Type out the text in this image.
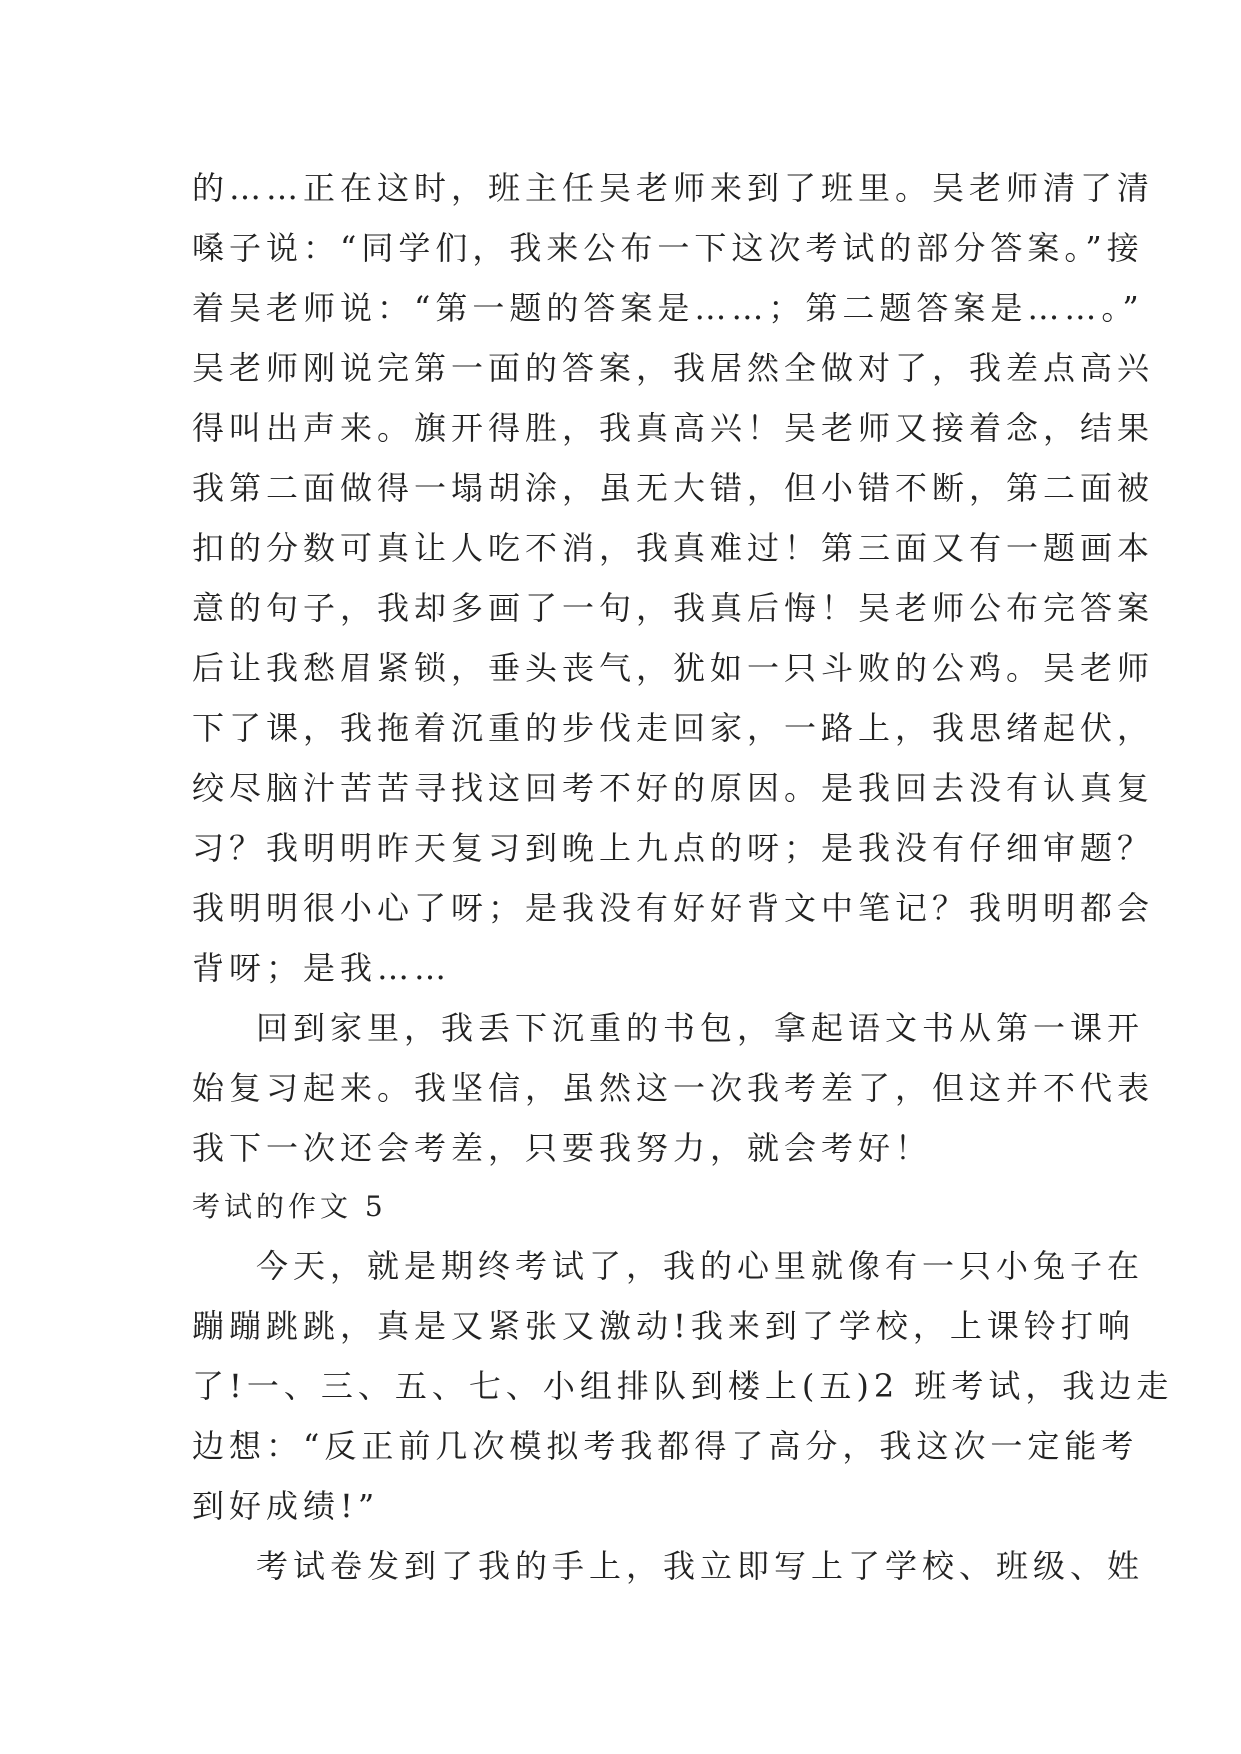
的……正在这时，班主任吴老师来到了班里。吴老师清了清
嗓子说：“同学们，我来公布一下这次考试的部分答案。”接
着吴老师说：“第一题的答案是……；第二题答案是……。”
吴老师刚说完第一面的答案，我居然全做对了，我差点高兴
得叫出声来。旗开得胜，我真高兴！吴老师又接着念，结果
我第二面做得一塌胡涂，虽无大错，但小错不断，第二面被
扣的分数可真让人吃不消，我真难过！第三面又有一题画本
意的句子，我却多画了一句，我真后悔！吴老师公布完答案
后让我愁眉紧锁，垂头丧气，犹如一只斗败的公鸡。吴老师
下了课，我拖着沉重的步伐走回家，一路上，我思绪起伏，
绞尽脑汁苦苦寻找这回考不好的原因。是我回去没有认真复
习？我明明昨天复习到晚上九点的呀；是我没有仔细审题？
我明明很小心了呀；是我没有好好背文中笔记？我明明都会
背呀；是我……
回到家里，我丢下沉重的书包，拿起语文书从第一课开
始复习起来。我坚信，虽然这一次我考差了，但这并不代表
我下一次还会考差，只要我努力，就会考好！
考试的作文 5
今天，就是期终考试了，我的心里就像有一只小兔子在
蹦蹦跳跳，真是又紧张又激动!我来到了学校，上课铃打响
了!一、三、五、七、小组排队到楼上(五)2 班考试，我边走
边想：“反正前几次模拟考我都得了高分，我这次一定能考
到好成绩!”
考试卷发到了我的手上，我立即写上了学校、班级、姓
